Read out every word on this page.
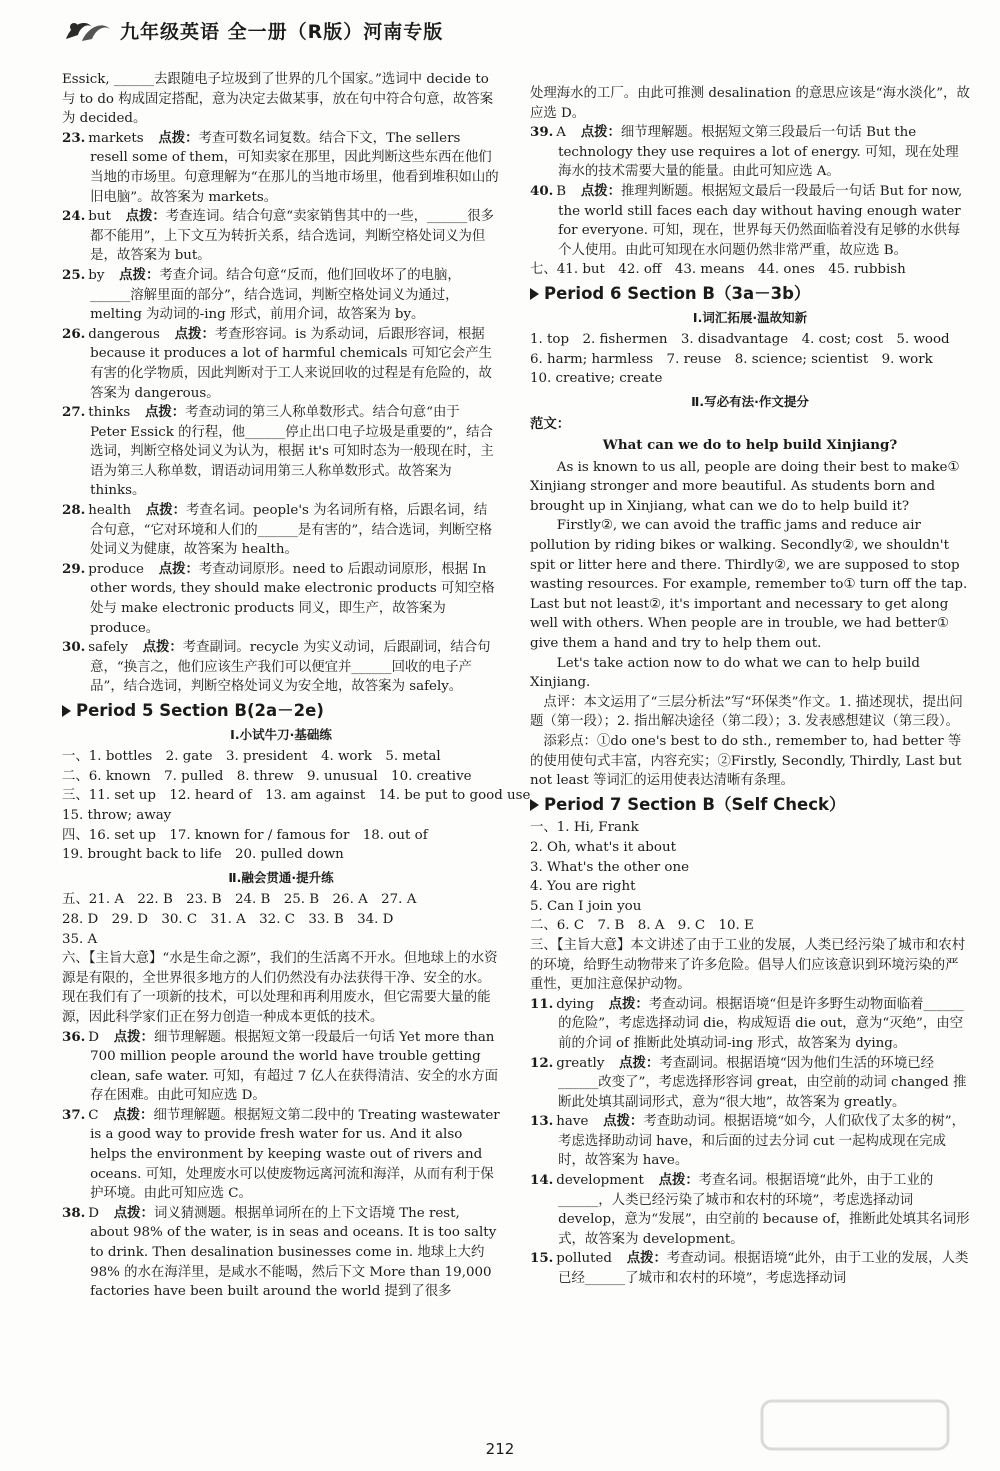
九年级英语 全一册（R版）河南专版

Essick, ______去跟随电子垃圾到了世界的几个国家。”选词中 decide to 与 to do 构成固定搭配，意为决定去做某事，放在句中符合句意，故答案为 decided。

23. markets 点拨：考查可数名词复数。结合下文，The sellers resell some of them，可知卖家在那里，因此判断这些东西在他们当地的市场里。句意理解为“在那儿的当地市场里，他看到堆积如山的旧电脑”。故答案为 markets。

24. but 点拨：考查连词。结合句意“卖家销售其中的一些，______很多都不能用”，上下文互为转折关系，结合选词，判断空格处词义为但是，故答案为 but。

25. by 点拨：考查介词。结合句意“反而，他们回收坏了的电脑，______溶解里面的部分”，结合选词，判断空格处词义为通过，melting 为动词的-ing 形式，前用介词，故答案为 by。

26. dangerous 点拨：考查形容词。is 为系动词，后跟形容词，根据 because it produces a lot of harmful chemicals 可知它会产生有害的化学物质，因此判断对于工人来说回收的过程是有危险的，故答案为 dangerous。

27. thinks 点拨：考查动词的第三人称单数形式。结合句意“由于 Peter Essick 的行程，他______停止出口电子垃圾是重要的”，结合选词，判断空格处词义为认为，根据 it's 可知时态为一般现在时，主语为第三人称单数，谓语动词用第三人称单数形式。故答案为 thinks。

28. health 点拨：考查名词。people's 为名词所有格，后跟名词，结合句意，“它对环境和人们的______是有害的”，结合选词，判断空格处词义为健康，故答案为 health。

29. produce 点拨：考查动词原形。need to 后跟动词原形，根据 In other words, they should make electronic products 可知空格处与 make electronic products 同义，即生产，故答案为 produce。

30. safely 点拨：考查副词。recycle 为实义动词，后跟副词，结合句意，“换言之，他们应该生产我们可以便宜并______回收的电子产品”，结合选词，判断空格处词义为安全地，故答案为 safely。

Period 5 Section B(2a－2e)
Ⅰ.小试牛刀·基础练

一、1. bottles　2. gate　3. president　4. work　5. metal

二、6. known　7. pulled　8. threw　9. unusual　10. creative

三、11. set up　12. heard of　13. am against　14. be put to good use

15. throw; away

四、16. set up　17. known for / famous for　18. out of

19. brought back to life　20. pulled down

Ⅱ.融会贯通·提升练

五、21. A　22. B　23. B　24. B　25. B　26. A　27. A

28. D　29. D　30. C　31. A　32. C　33. B　34. D

35. A

六、【主旨大意】“水是生命之源”，我们的生活离不开水。但地球上的水资源是有限的，全世界很多地方的人们仍然没有办法获得干净、安全的水。现在我们有了一项新的技术，可以处理和再利用废水，但它需要大量的能源，因此科学家们正在努力创造一种成本更低的技术。

36. D 点拨：细节理解题。根据短文第一段最后一句话 Yet more than 700 million people around the world have trouble getting clean, safe water. 可知，有超过 7 亿人在获得清洁、安全的水方面存在困难。由此可知应选 D。

37. C 点拨：细节理解题。根据短文第二段中的 Treating wastewater is a good way to provide fresh water for us. And it also helps the environment by keeping waste out of rivers and oceans. 可知，处理废水可以使废物远离河流和海洋，从而有利于保护环境。由此可知应选 C。

38. D 点拨：词义猜测题。根据单词所在的上下文语境 The rest, about 98% of the water, is in seas and oceans. It is too salty to drink. Then desalination businesses come in. 地球上大约 98% 的水在海洋里，是咸水不能喝，然后下文 More than 19,000 factories have been built around the world 提到了很多

处理海水的工厂。由此可推测 desalination 的意思应该是“海水淡化”，故应选 D。

39. A 点拨：细节理解题。根据短文第三段最后一句话 But the technology they use requires a lot of energy. 可知，现在处理海水的技术需要大量的能量。由此可知应选 A。

40. B 点拨：推理判断题。根据短文最后一段最后一句话 But for now, the world still faces each day without having enough water for everyone. 可知，现在，世界每天仍然面临着没有足够的水供每个人使用。由此可知现在水问题仍然非常严重，故应选 B。

七、41. but　42. off　43. means　44. ones　45. rubbish

Period 6 Section B（3a－3b）
Ⅰ.词汇拓展·温故知新

1. top　2. fishermen　3. disadvantage　4. cost; cost　5. wood

6. harm; harmless　7. reuse　8. science; scientist　9. work

10. creative; create

Ⅱ.写必有法·作文提分

范文：

What can we do to help build Xinjiang?

As is known to us all, people are doing their best to make① Xinjiang stronger and more beautiful. As students born and brought up in Xinjiang, what can we do to help build it?

Firstly②, we can avoid the traffic jams and reduce air pollution by riding bikes or walking. Secondly②, we shouldn't spit or litter here and there. Thirdly②, we are supposed to stop wasting resources. For example, remember to① turn off the tap. Last but not least②, it's important and necessary to get along well with others. When people are in trouble, we had better① give them a hand and try to help them out.

Let's take action now to do what we can to help build Xinjiang.

点评：本文运用了“三层分析法”写“环保类”作文。1. 描述现状，提出问题（第一段）；2. 指出解决途径（第二段）；3. 发表感想建议（第三段）。

添彩点：①do one's best to do sth., remember to, had better 等的使用使句式丰富，内容充实；②Firstly, Secondly, Thirdly, Last but not least 等词汇的运用使表达清晰有条理。

Period 7 Section B（Self Check）

一、1. Hi, Frank

2. Oh, what's it about

3. What's the other one

4. You are right

5. Can I join you

二、6. C　7. B　8. A　9. C　10. E

三、【主旨大意】本文讲述了由于工业的发展，人类已经污染了城市和农村的环境，给野生动物带来了许多危险。倡导人们应该意识到环境污染的严重性，更加注意保护动物。

11. dying 点拨：考查动词。根据语境“但是许多野生动物面临着______的危险”，考虑选择动词 die，构成短语 die out，意为“灭绝”，由空前的介词 of 推断此处填动词-ing 形式，故答案为 dying。

12. greatly 点拨：考查副词。根据语境“因为他们生活的环境已经______改变了”，考虑选择形容词 great，由空前的动词 changed 推断此处填其副词形式，意为“很大地”，故答案为 greatly。

13. have 点拨：考查助动词。根据语境“如今，人们砍伐了太多的树”，考虑选择助动词 have，和后面的过去分词 cut 一起构成现在完成时，故答案为 have。

14. development 点拨：考查名词。根据语境“此外，由于工业的______，人类已经污染了城市和农村的环境”，考虑选择动词 develop，意为“发展”，由空前的 because of，推断此处填其名词形式，故答案为 development。

15. polluted 点拨：考查动词。根据语境“此外，由于工业的发展，人类已经______了城市和农村的环境”，考虑选择动词

212
